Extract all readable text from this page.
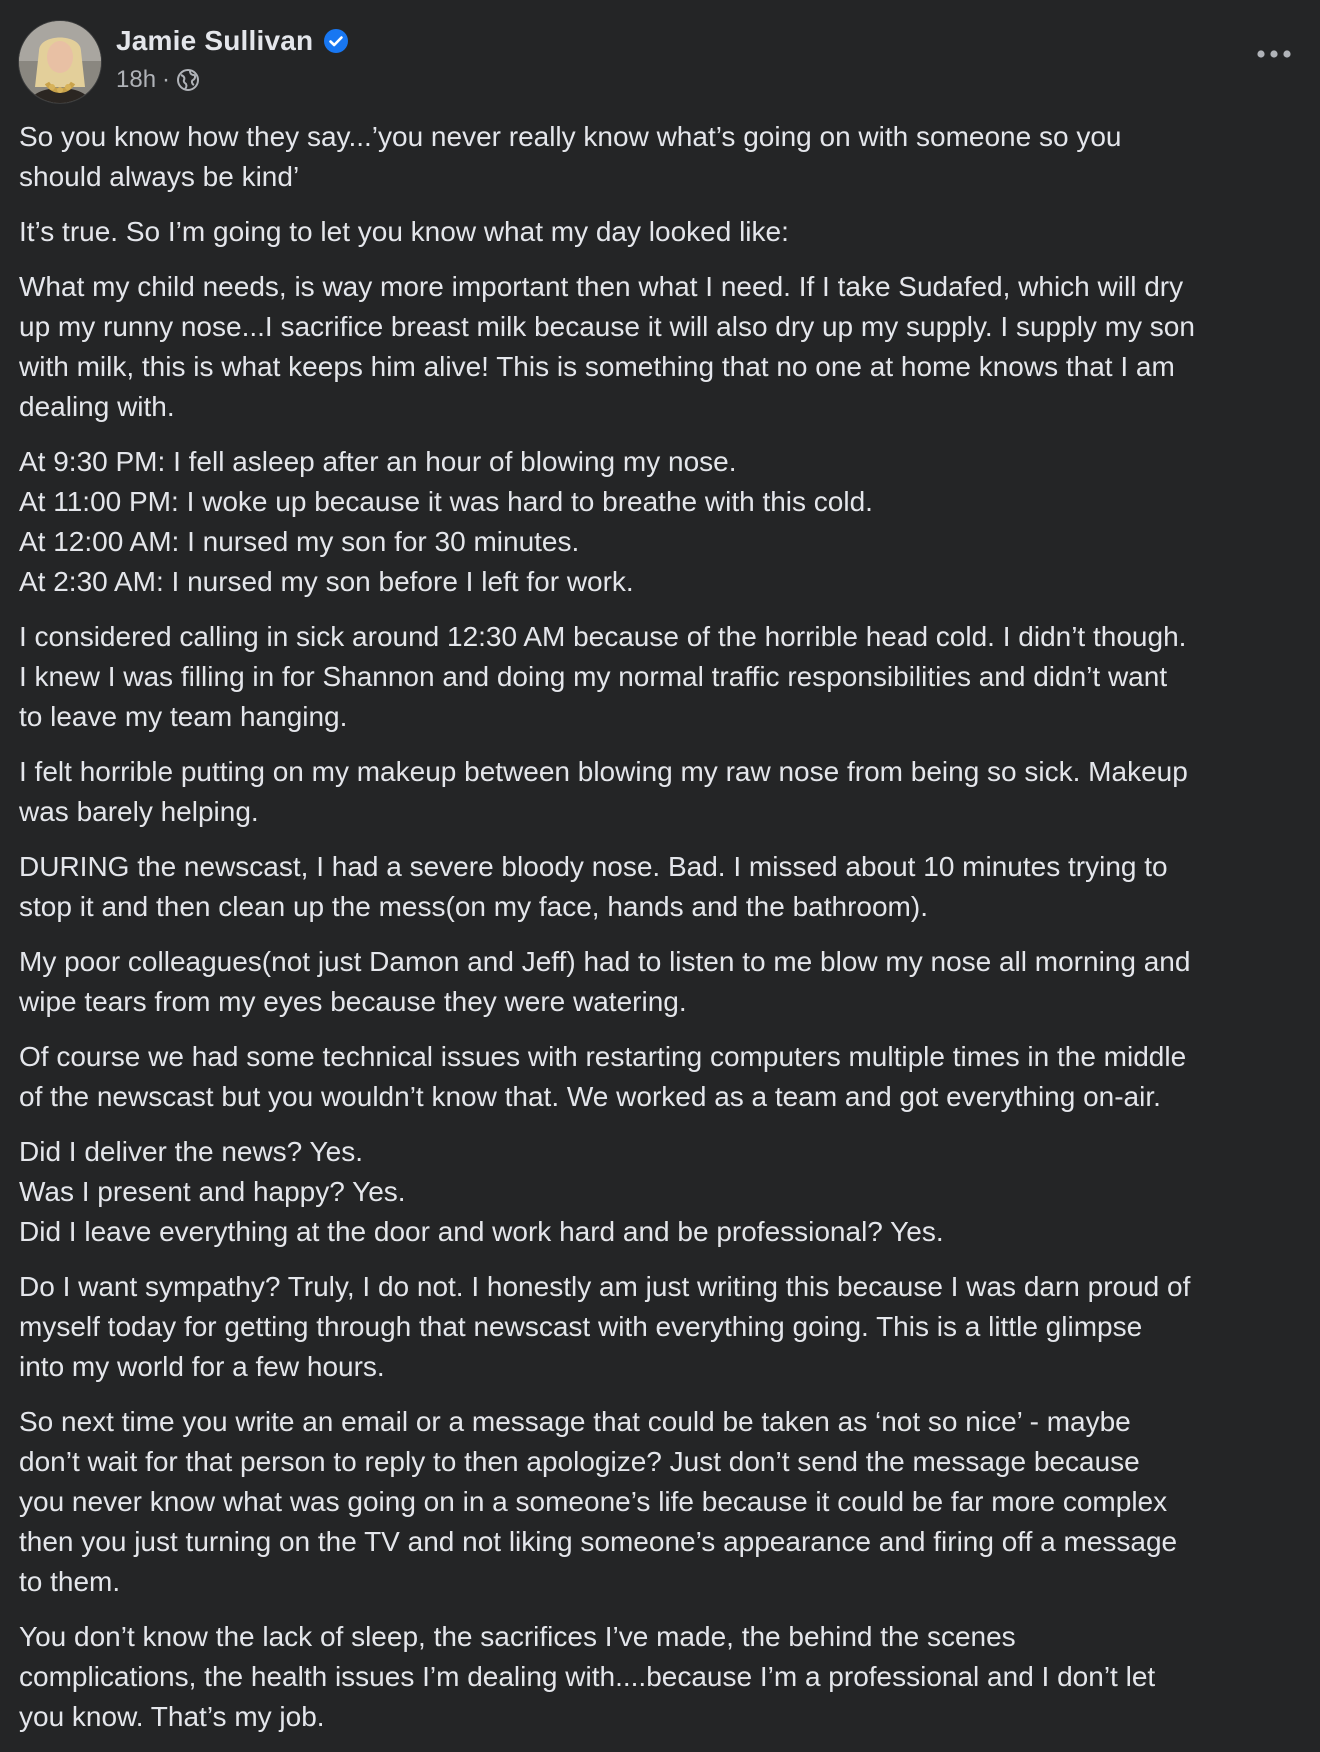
Jamie Sullivan
18h ·
So you know how they say...’you never really know what’s going on with someone so you
should always be kind’
It’s true. So I’m going to let you know what my day looked like:
What my child needs, is way more important then what I need. If I take Sudafed, which will dry
up my runny nose...I sacrifice breast milk because it will also dry up my supply. I supply my son
with milk, this is what keeps him alive! This is something that no one at home knows that I am
dealing with.
At 9:30 PM: I fell asleep after an hour of blowing my nose.
At 11:00 PM: I woke up because it was hard to breathe with this cold.
At 12:00 AM: I nursed my son for 30 minutes.
At 2:30 AM: I nursed my son before I left for work.
I considered calling in sick around 12:30 AM because of the horrible head cold. I didn’t though.
I knew I was filling in for Shannon and doing my normal traffic responsibilities and didn’t want
to leave my team hanging.
I felt horrible putting on my makeup between blowing my raw nose from being so sick. Makeup
was barely helping.
DURING the newscast, I had a severe bloody nose. Bad. I missed about 10 minutes trying to
stop it and then clean up the mess(on my face, hands and the bathroom).
My poor colleagues(not just Damon and Jeff) had to listen to me blow my nose all morning and
wipe tears from my eyes because they were watering.
Of course we had some technical issues with restarting computers multiple times in the middle
of the newscast but you wouldn’t know that. We worked as a team and got everything on-air.
Did I deliver the news? Yes.
Was I present and happy? Yes.
Did I leave everything at the door and work hard and be professional? Yes.
Do I want sympathy? Truly, I do not. I honestly am just writing this because I was darn proud of
myself today for getting through that newscast with everything going. This is a little glimpse
into my world for a few hours.
So next time you write an email or a message that could be taken as ‘not so nice’ - maybe
don’t wait for that person to reply to then apologize? Just don’t send the message because
you never know what was going on in a someone’s life because it could be far more complex
then you just turning on the TV and not liking someone’s appearance and firing off a message
to them.
You don’t know the lack of sleep, the sacrifices I’ve made, the behind the scenes
complications, the health issues I’m dealing with....because I’m a professional and I don’t let
you know. That’s my job.
